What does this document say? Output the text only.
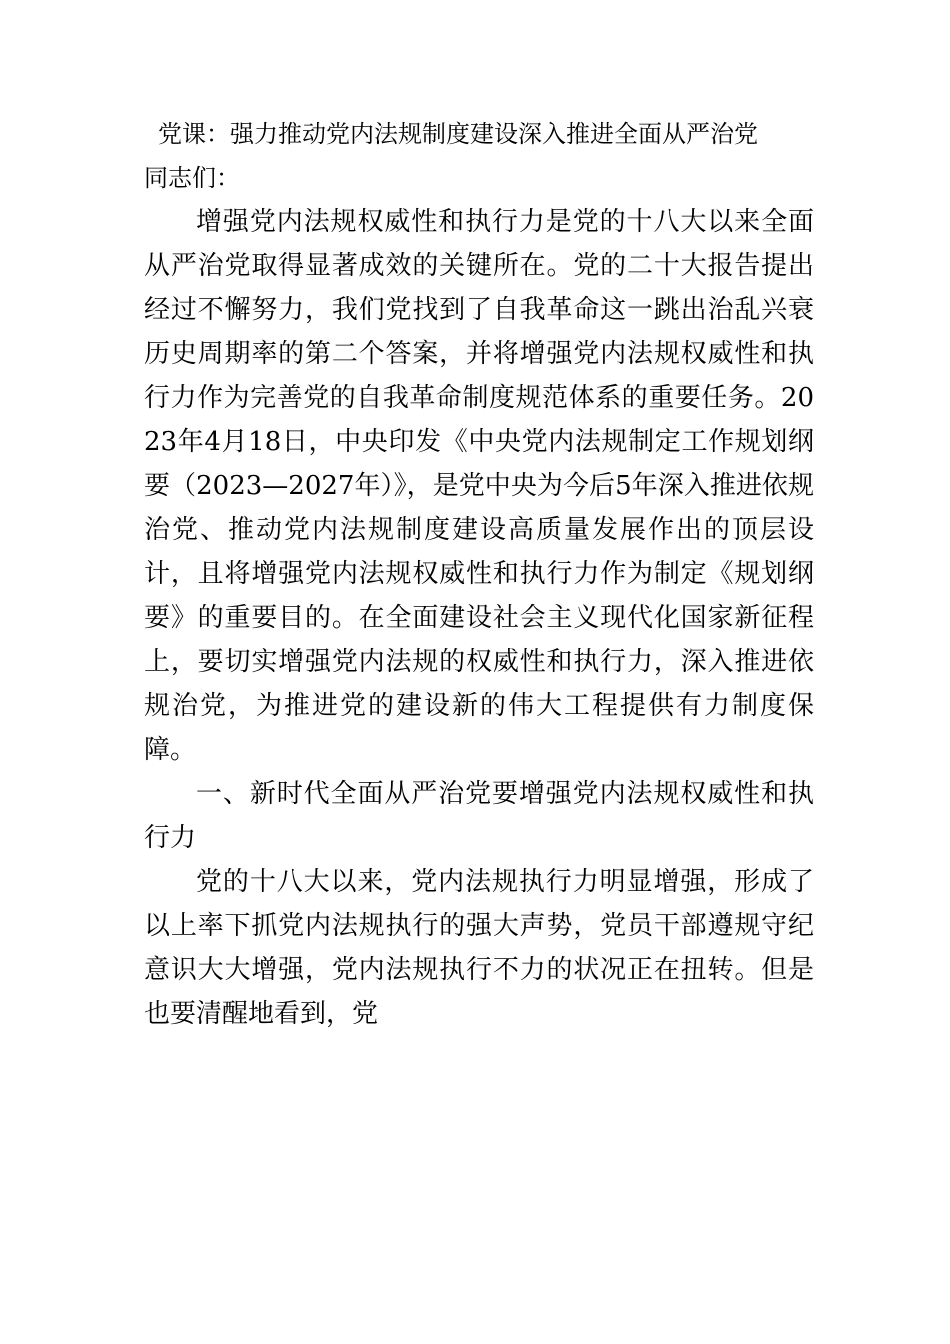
党课：强力推动党内法规制度建设深入推进全面从严治党

同志们：

增强党内法规权威性和执行力是党的十八大以来全面从严治党取得显著成效的关键所在。党的二十大报告提出经过不懈努力，我们党找到了自我革命这一跳出治乱兴衰历史周期率的第二个答案，并将增强党内法规权威性和执行力作为完善党的自我革命制度规范体系的重要任务。2023年4月18日，中央印发《中央党内法规制定工作规划纲要（2023—2027年）》，是党中央为今后5年深入推进依规治党、推动党内法规制度建设高质量发展作出的顶层设计，且将增强党内法规权威性和执行力作为制定《规划纲要》的重要目的。在全面建设社会主义现代化国家新征程上，要切实增强党内法规的权威性和执行力，深入推进依规治党，为推进党的建设新的伟大工程提供有力制度保障。

一、新时代全面从严治党要增强党内法规权威性和执行力

党的十八大以来，党内法规执行力明显增强，形成了以上率下抓党内法规执行的强大声势，党员干部遵规守纪意识大大增强，党内法规执行不力的状况正在扭转。但是也要清醒地看到，党
